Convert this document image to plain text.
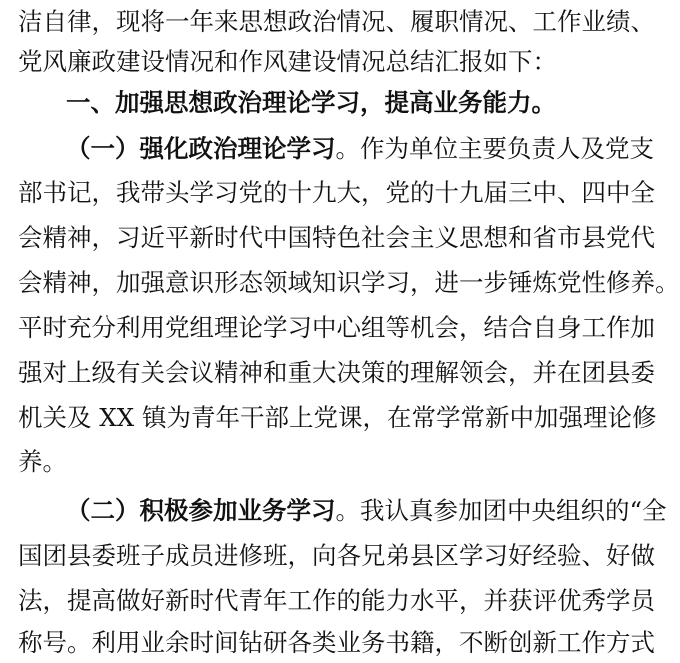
洁自律，现将一年来思想政治情况、履职情况、工作业绩、
党风廉政建设情况和作风建设情况总结汇报如下：
一、加强思想政治理论学习，提高业务能力。
（一）强化政治理论学习。作为单位主要负责人及党支
部书记，我带头学习党的十九大，党的十九届三中、四中全
会精神，习近平新时代中国特色社会主义思想和省市县党代
会精神，加强意识形态领域知识学习，进一步锤炼党性修养。
平时充分利用党组理论学习中心组等机会，结合自身工作加
强对上级有关会议精神和重大决策的理解领会，并在团县委
机关及 XX 镇为青年干部上党课，在常学常新中加强理论修
养。
（二）积极参加业务学习。我认真参加团中央组织的“全
国团县委班子成员进修班，向各兄弟县区学习好经验、好做
法，提高做好新时代青年工作的能力水平，并获评优秀学员
称号。利用业余时间钻研各类业务书籍，不断创新工作方式
